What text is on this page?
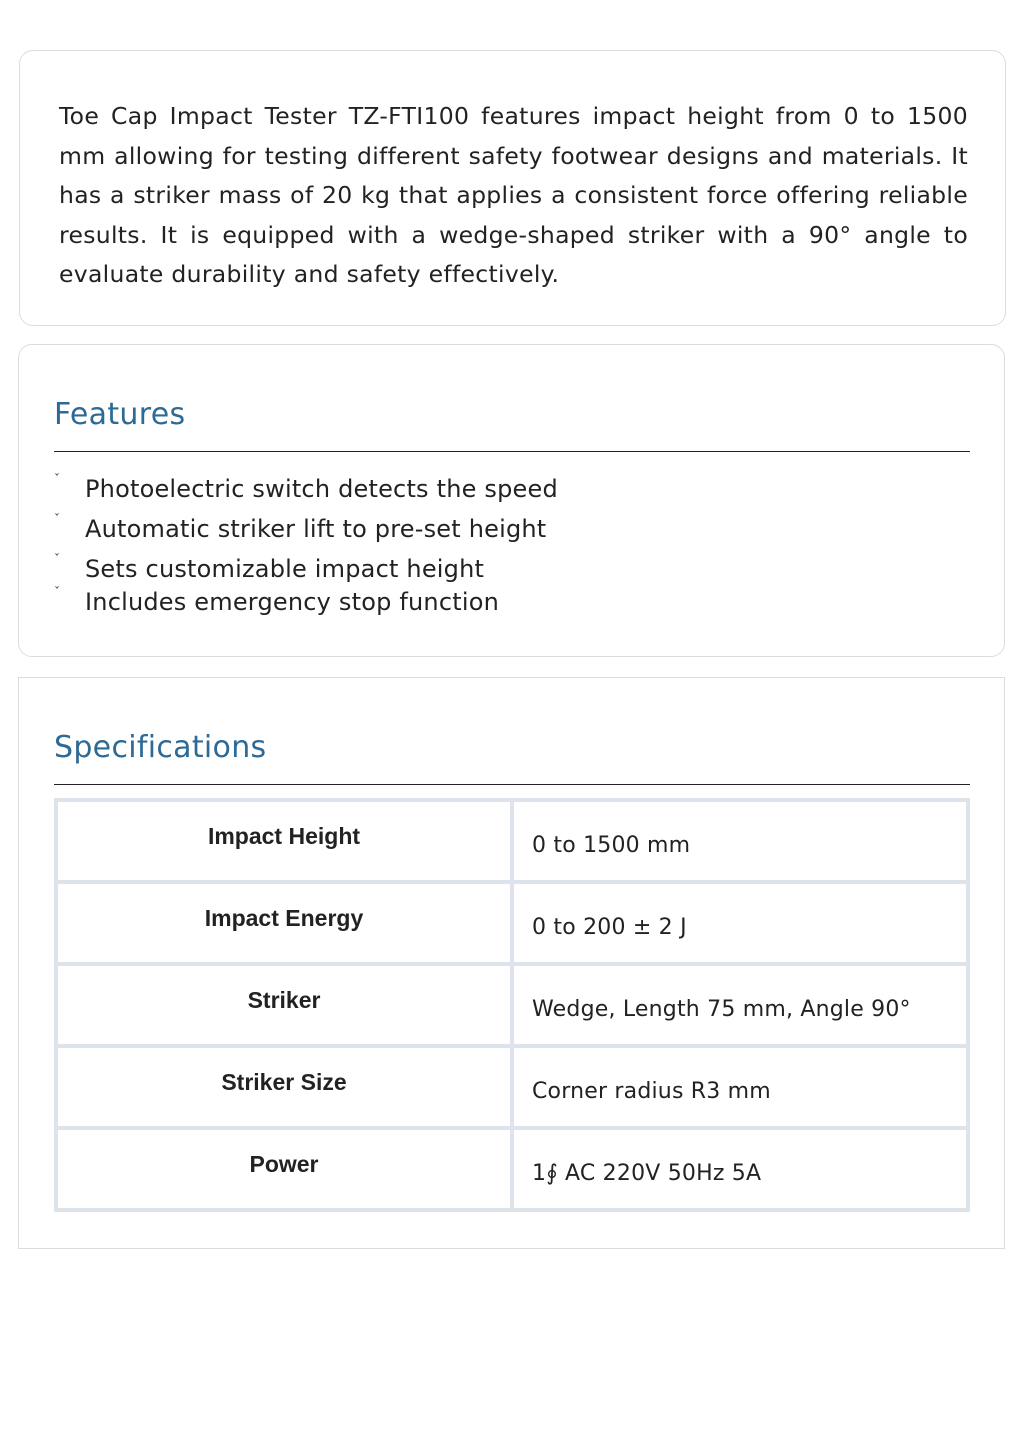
Toe Cap Impact Tester TZ-FTI100 features impact height from 0 to 1500 mm allowing for testing different safety footwear designs and materials. It has a striker mass of 20 kg that applies a consistent force offering reliable results. It is equipped with a wedge-shaped striker with a 90° angle to evaluate durability and safety effectively.

Features
ˇ Photoelectric switch detects the speed
ˇ Automatic striker lift to pre-set height
ˇ Sets customizable impact height
ˇ Includes emergency stop function
Specifications
Impact Height	0 to 1500 mm
Impact Energy	0 to 200 ± 2 J
Striker	Wedge, Length 75 mm, Angle 90°
Striker Size	Corner radius R3 mm
Power	1∮ AC 220V 50Hz 5A
